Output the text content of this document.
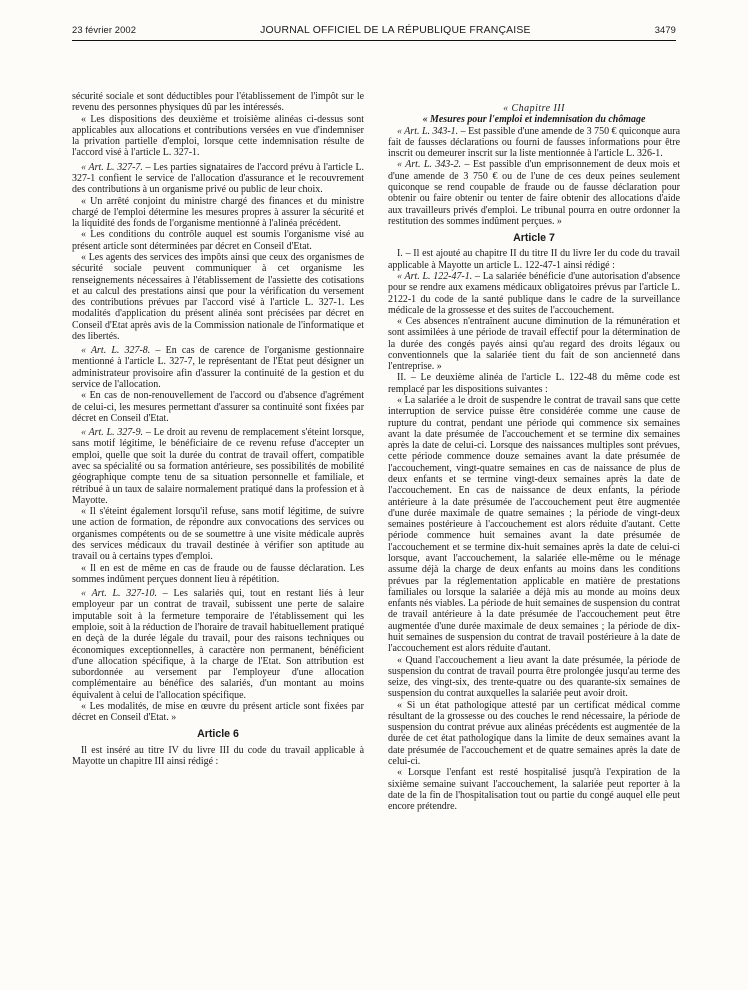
23 février 2002	JOURNAL OFFICIEL DE LA RÉPUBLIQUE FRANÇAISE	3479

sécurité sociale et sont déductibles pour l'établissement de l'impôt sur le revenu des personnes physiques dû par les intéressés.

« Les dispositions des deuxième et troisième alinéas ci-dessus sont applicables aux allocations et contributions versées en vue d'indemniser la privation partielle d'emploi, lorsque cette indemnisation résulte de l'accord visé à l'article L. 327-1.

« Art. L. 327-7. – Les parties signataires de l'accord prévu à l'article L. 327-1 confient le service de l'allocation d'assurance et le recouvrement des contributions à un organisme privé ou public de leur choix.

« Un arrêté conjoint du ministre chargé des finances et du ministre chargé de l'emploi détermine les mesures propres à assurer la sécurité et la liquidité des fonds de l'organisme mentionné à l'alinéa précédent.

« Les conditions du contrôle auquel est soumis l'organisme visé au présent article sont déterminées par décret en Conseil d'Etat.

« Les agents des services des impôts ainsi que ceux des organismes de sécurité sociale peuvent communiquer à cet organisme les renseignements nécessaires à l'établissement de l'assiette des cotisations et au calcul des prestations ainsi que pour la vérification du versement des contributions prévues par l'accord visé à l'article L. 327-1. Les modalités d'application du présent alinéa sont précisées par décret en Conseil d'Etat après avis de la Commission nationale de l'informatique et des libertés.

« Art. L. 327-8. – En cas de carence de l'organisme gestionnaire mentionné à l'article L. 327-7, le représentant de l'Etat peut désigner un administrateur provisoire afin d'assurer la continuité de la gestion et du service de l'allocation.

« En cas de non-renouvellement de l'accord ou d'absence d'agrément de celui-ci, les mesures permettant d'assurer sa continuité sont fixées par décret en Conseil d'Etat.

« Art. L. 327-9. – Le droit au revenu de remplacement s'éteint lorsque, sans motif légitime, le bénéficiaire de ce revenu refuse d'accepter un emploi, quelle que soit la durée du contrat de travail offert, compatible avec sa spécialité ou sa formation antérieure, ses possibilités de mobilité géographique compte tenu de sa situation personnelle et familiale, et rétribué à un taux de salaire normalement pratiqué dans la profession et à Mayotte.

« Il s'éteint également lorsqu'il refuse, sans motif légitime, de suivre une action de formation, de répondre aux convocations des services ou organismes compétents ou de se soumettre à une visite médicale auprès des services médicaux du travail destinée à vérifier son aptitude au travail ou à certains types d'emploi.

« Il en est de même en cas de fraude ou de fausse déclaration. Les sommes indûment perçues donnent lieu à répétition.

« Art. L. 327-10. – Les salariés qui, tout en restant liés à leur employeur par un contrat de travail, subissent une perte de salaire imputable soit à la fermeture temporaire de l'établissement qui les emploie, soit à la réduction de l'horaire de travail habituellement pratiqué en deçà de la durée légale du travail, pour des raisons techniques ou économiques exceptionnelles, à caractère non permanent, bénéficient d'une allocation spécifique, à la charge de l'Etat. Son attribution est subordonnée au versement par l'employeur d'une allocation complémentaire au bénéfice des salariés, d'un montant au moins équivalent à celui de l'allocation spécifique.

« Les modalités, de mise en œuvre du présent article sont fixées par décret en Conseil d'Etat. »

Article 6

Il est inséré au titre IV du livre III du code du travail applicable à Mayotte un chapitre III ainsi rédigé :

« Chapitre III

« Mesures pour l'emploi et indemnisation du chômage

« Art. L. 343-1. – Est passible d'une amende de 3 750 € quiconque aura fait de fausses déclarations ou fourni de fausses informations pour être inscrit ou demeurer inscrit sur la liste mentionnée à l'article L. 326-1.

« Art. L. 343-2. – Est passible d'un emprisonnement de deux mois et d'une amende de 3 750 € ou de l'une de ces deux peines seulement quiconque se rend coupable de fraude ou de fausse déclaration pour obtenir ou faire obtenir ou tenter de faire obtenir des allocations d'aide aux travailleurs privés d'emploi. Le tribunal pourra en outre ordonner la restitution des sommes indûment perçues. »

Article 7

I. – Il est ajouté au chapitre II du titre II du livre Ier du code du travail applicable à Mayotte un article L. 122-47-1 ainsi rédigé :

« Art. L. 122-47-1. – La salariée bénéficie d'une autorisation d'absence pour se rendre aux examens médicaux obligatoires prévus par l'article L. 2122-1 du code de la santé publique dans le cadre de la surveillance médicale de la grossesse et des suites de l'accouchement.

« Ces absences n'entraînent aucune diminution de la rémunération et sont assimilées à une période de travail effectif pour la détermination de la durée des congés payés ainsi qu'au regard des droits légaux ou conventionnels que la salariée tient du fait de son ancienneté dans l'entreprise. »

II. – Le deuxième alinéa de l'article L. 122-48 du même code est remplacé par les dispositions suivantes :

« La salariée a le droit de suspendre le contrat de travail sans que cette interruption de service puisse être considérée comme une cause de rupture du contrat, pendant une période qui commence six semaines avant la date présumée de l'accouchement et se termine dix semaines après la date de celui-ci. Lorsque des naissances multiples sont prévues, cette période commence douze semaines avant la date présumée de l'accouchement, vingt-quatre semaines en cas de naissance de plus de deux enfants et se termine vingt-deux semaines après la date de l'accouchement. En cas de naissance de deux enfants, la période antérieure à la date présumée de l'accouchement peut être augmentée d'une durée maximale de quatre semaines ; la période de vingt-deux semaines postérieure à l'accouchement est alors réduite d'autant. Cette période commence huit semaines avant la date présumée de l'accouchement et se termine dix-huit semaines après la date de celui-ci lorsque, avant l'accouchement, la salariée elle-même ou le ménage assume déjà la charge de deux enfants au moins dans les conditions prévues par la réglementation applicable en matière de prestations familiales ou lorsque la salariée a déjà mis au monde au moins deux enfants nés viables. La période de huit semaines de suspension du contrat de travail antérieure à la date présumée de l'accouchement peut être augmentée d'une durée maximale de deux semaines ; la période de dix-huit semaines de suspension du contrat de travail postérieure à la date de l'accouchement est alors réduite d'autant.

« Quand l'accouchement a lieu avant la date présumée, la période de suspension du contrat de travail pourra être prolongée jusqu'au terme des seize, des vingt-six, des trente-quatre ou des quarante-six semaines de suspension du contrat auxquelles la salariée peut avoir droit.

« Si un état pathologique attesté par un certificat médical comme résultant de la grossesse ou des couches le rend nécessaire, la période de suspension du contrat prévue aux alinéas précédents est augmentée de la durée de cet état pathologique dans la limite de deux semaines avant la date présumée de l'accouchement et de quatre semaines après la date de celui-ci.

« Lorsque l'enfant est resté hospitalisé jusqu'à l'expiration de la sixième semaine suivant l'accouchement, la salariée peut reporter à la date de la fin de l'hospitalisation tout ou partie du congé auquel elle peut encore prétendre.
